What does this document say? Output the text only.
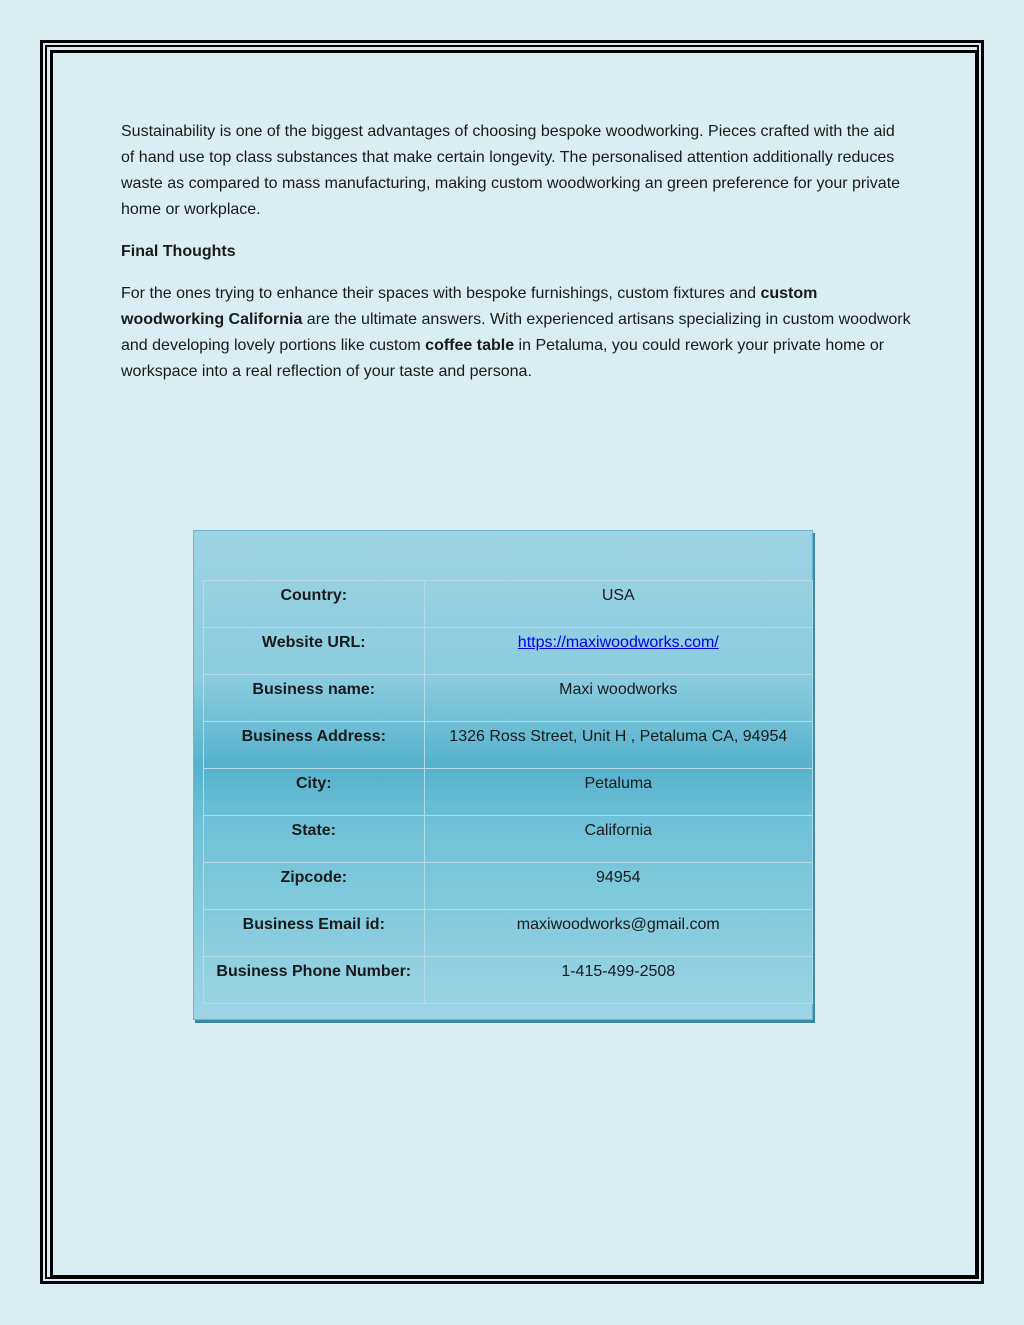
Sustainability is one of the biggest advantages of choosing bespoke woodworking. Pieces crafted with the aid of hand use top class substances that make certain longevity. The personalised attention additionally reduces waste as compared to mass manufacturing, making custom woodworking an green preference for your private home or workplace.

Final Thoughts

For the ones trying to enhance their spaces with bespoke furnishings, custom fixtures and custom woodworking California are the ultimate answers. With experienced artisans specializing in custom woodwork and developing lovely portions like custom coffee table in Petaluma, you could rework your private home or workspace into a real reflection of your taste and persona.

Country:	USA
Website URL:	https://maxiwoodworks.com/
Business name:	Maxi woodworks
Business Address:	1326 Ross Street, Unit H , Petaluma CA, 94954
City:	Petaluma
State:	California
Zipcode:	94954
Business Email id:	maxiwoodworks@gmail.com
Business Phone Number:	1-415-499-2508
